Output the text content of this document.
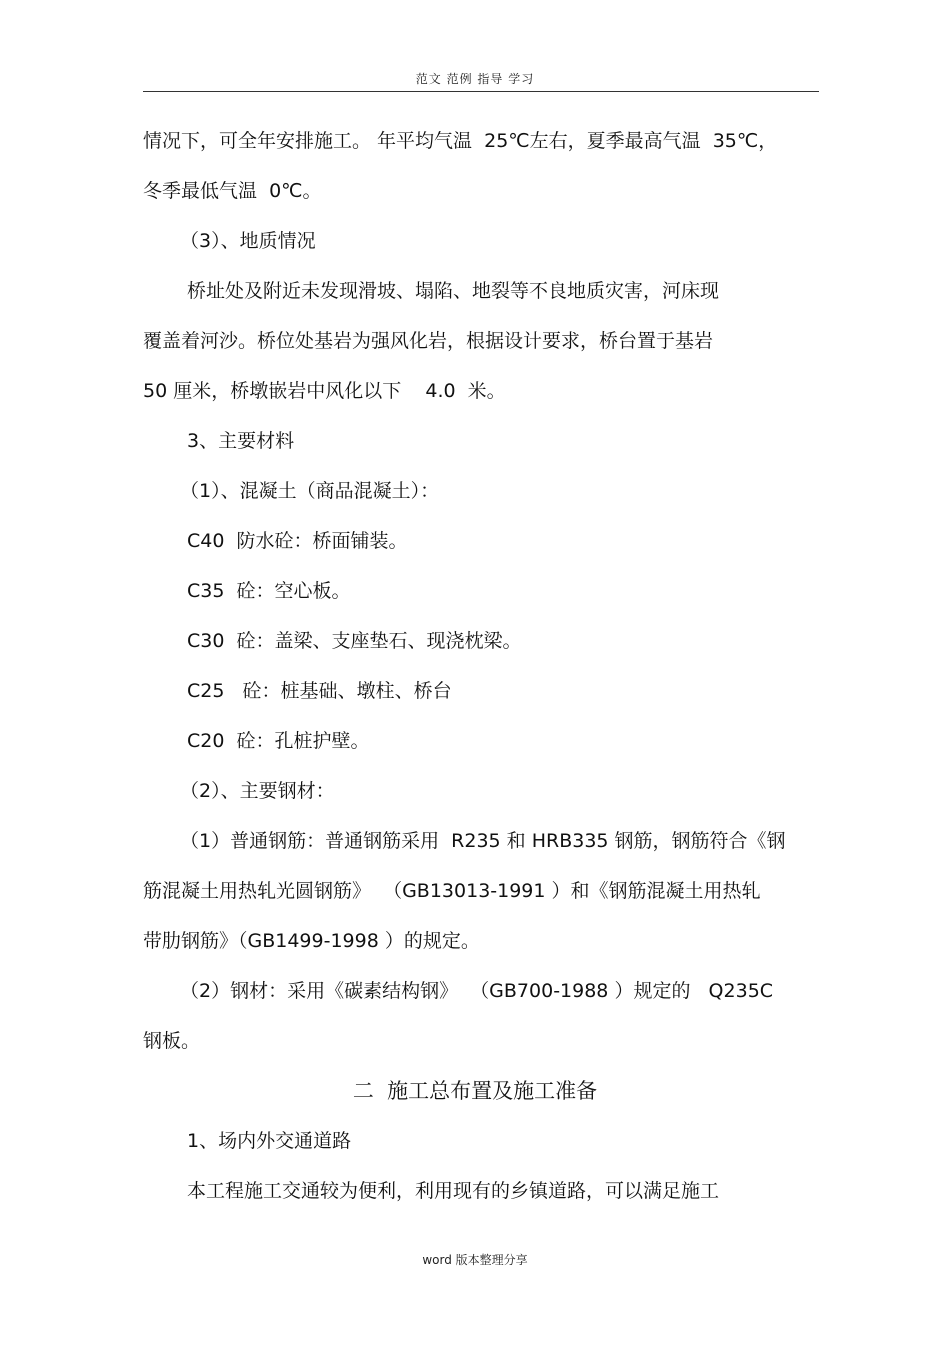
范文 范例 指导 学习
情况下，可全年安排施工。 年平均气温  25℃左右，夏季最高气温  35℃，
冬季最低气温  0℃。
（3）、地质情况
桥址处及附近未发现滑坡、塌陷、地裂等不良地质灾害，河床现
覆盖着河沙。桥位处基岩为强风化岩，根据设计要求，桥台置于基岩
50 厘米，桥墩嵌岩中风化以下    4.0  米。
3、主要材料
（1）、混凝土（商品混凝土）：
C40  防水砼：桥面铺装。
C35  砼：空心板。
C30  砼：盖梁、支座垫石、现浇枕梁。
C25   砼：桩基础、墩柱、桥台
C20  砼：孔桩护壁。
（2）、主要钢材：
（1）普通钢筋：普通钢筋采用  R235 和 HRB335 钢筋，钢筋符合《钢
筋混凝土用热轧光圆钢筋》  （GB13013-1991 ）和《钢筋混凝土用热轧
带肋钢筋》（GB1499-1998 ）的规定。
（2）钢材：采用《碳素结构钢》  （GB700-1988 ）规定的   Q235C
钢板。
二  施工总布置及施工准备
1、场内外交通道路
本工程施工交通较为便利，利用现有的乡镇道路，可以满足施工
word 版本整理分享
